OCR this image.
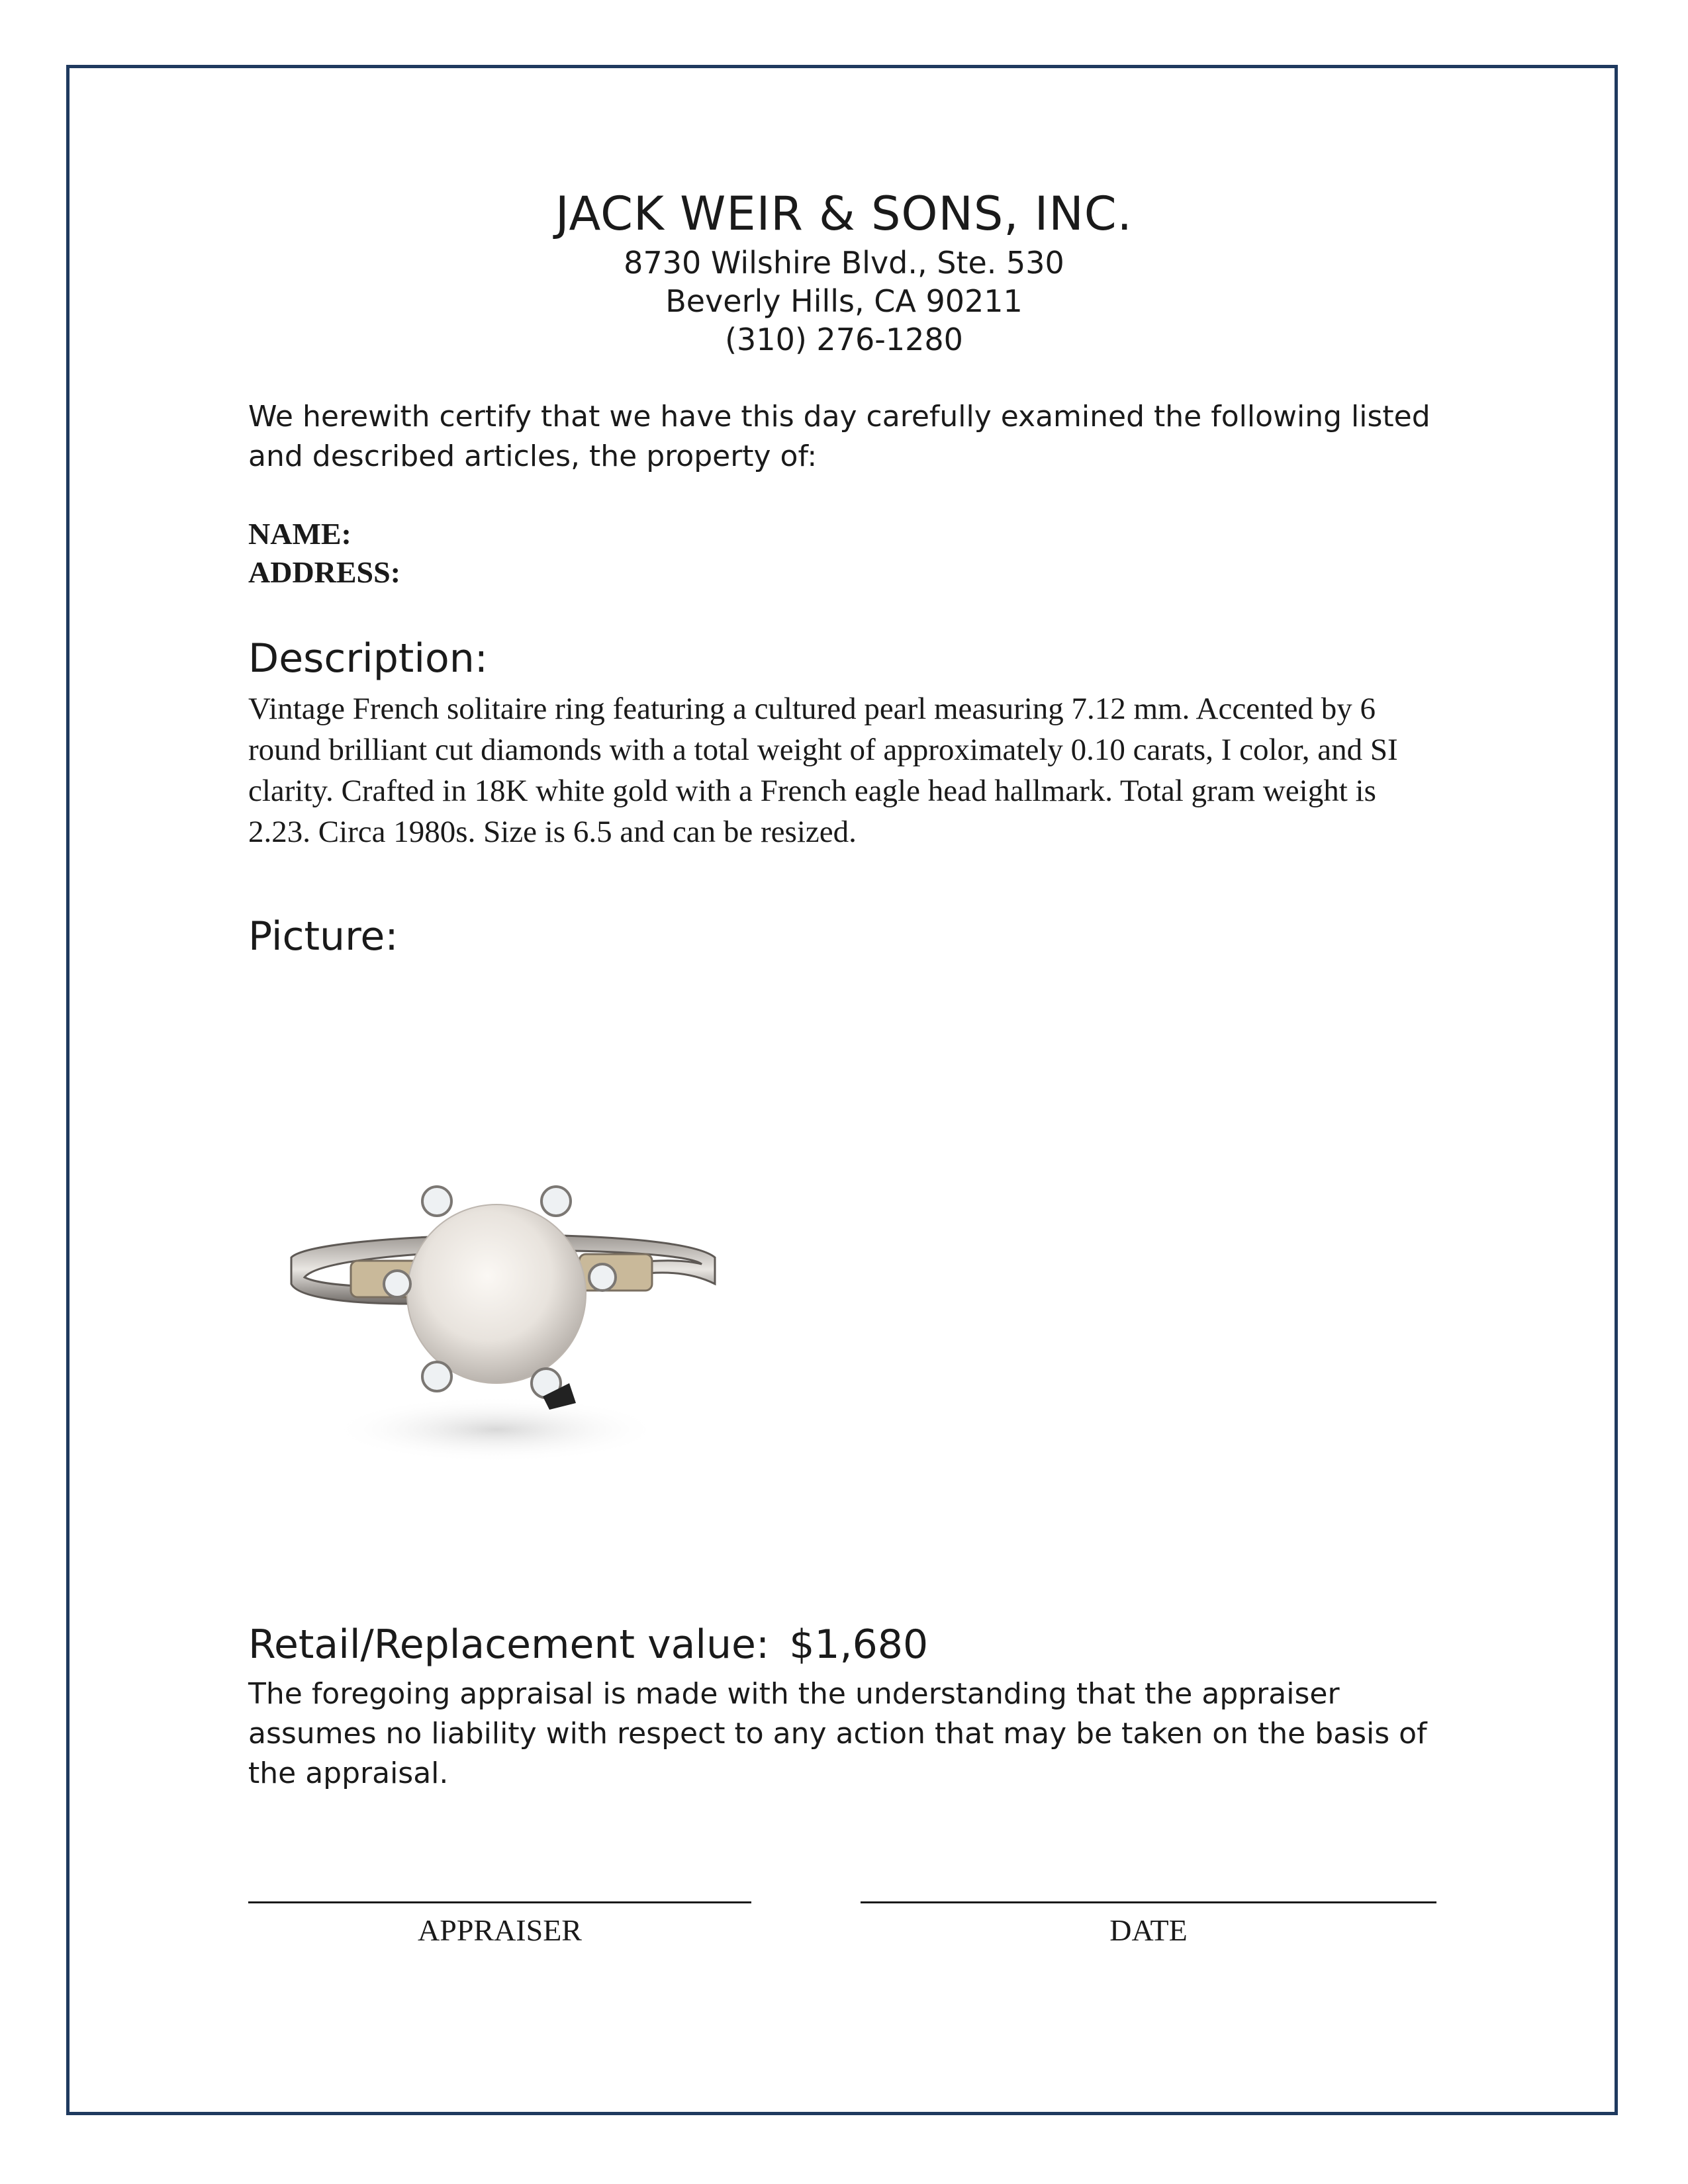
JACK WEIR & SONS, INC.
8730 Wilshire Blvd., Ste. 530
Beverly Hills, CA 90211
(310) 276-1280
We herewith certify that we have this day carefully examined the following listed and described articles, the property of:
NAME:
ADDRESS:
Description:
Vintage French solitaire ring featuring a cultured pearl measuring 7.12 mm. Accented by 6 round brilliant cut diamonds with a total weight of approximately 0.10 carats, I color, and SI clarity. Crafted in 18K white gold with a French eagle head hallmark. Total gram weight is 2.23. Circa 1980s. Size is 6.5 and can be resized.
Picture:
Retail/Replacement value: $1,680
The foregoing appraisal is made with the understanding that the appraiser assumes no liability with respect to any action that may be taken on the basis of the appraisal.
APPRAISER	DATE
